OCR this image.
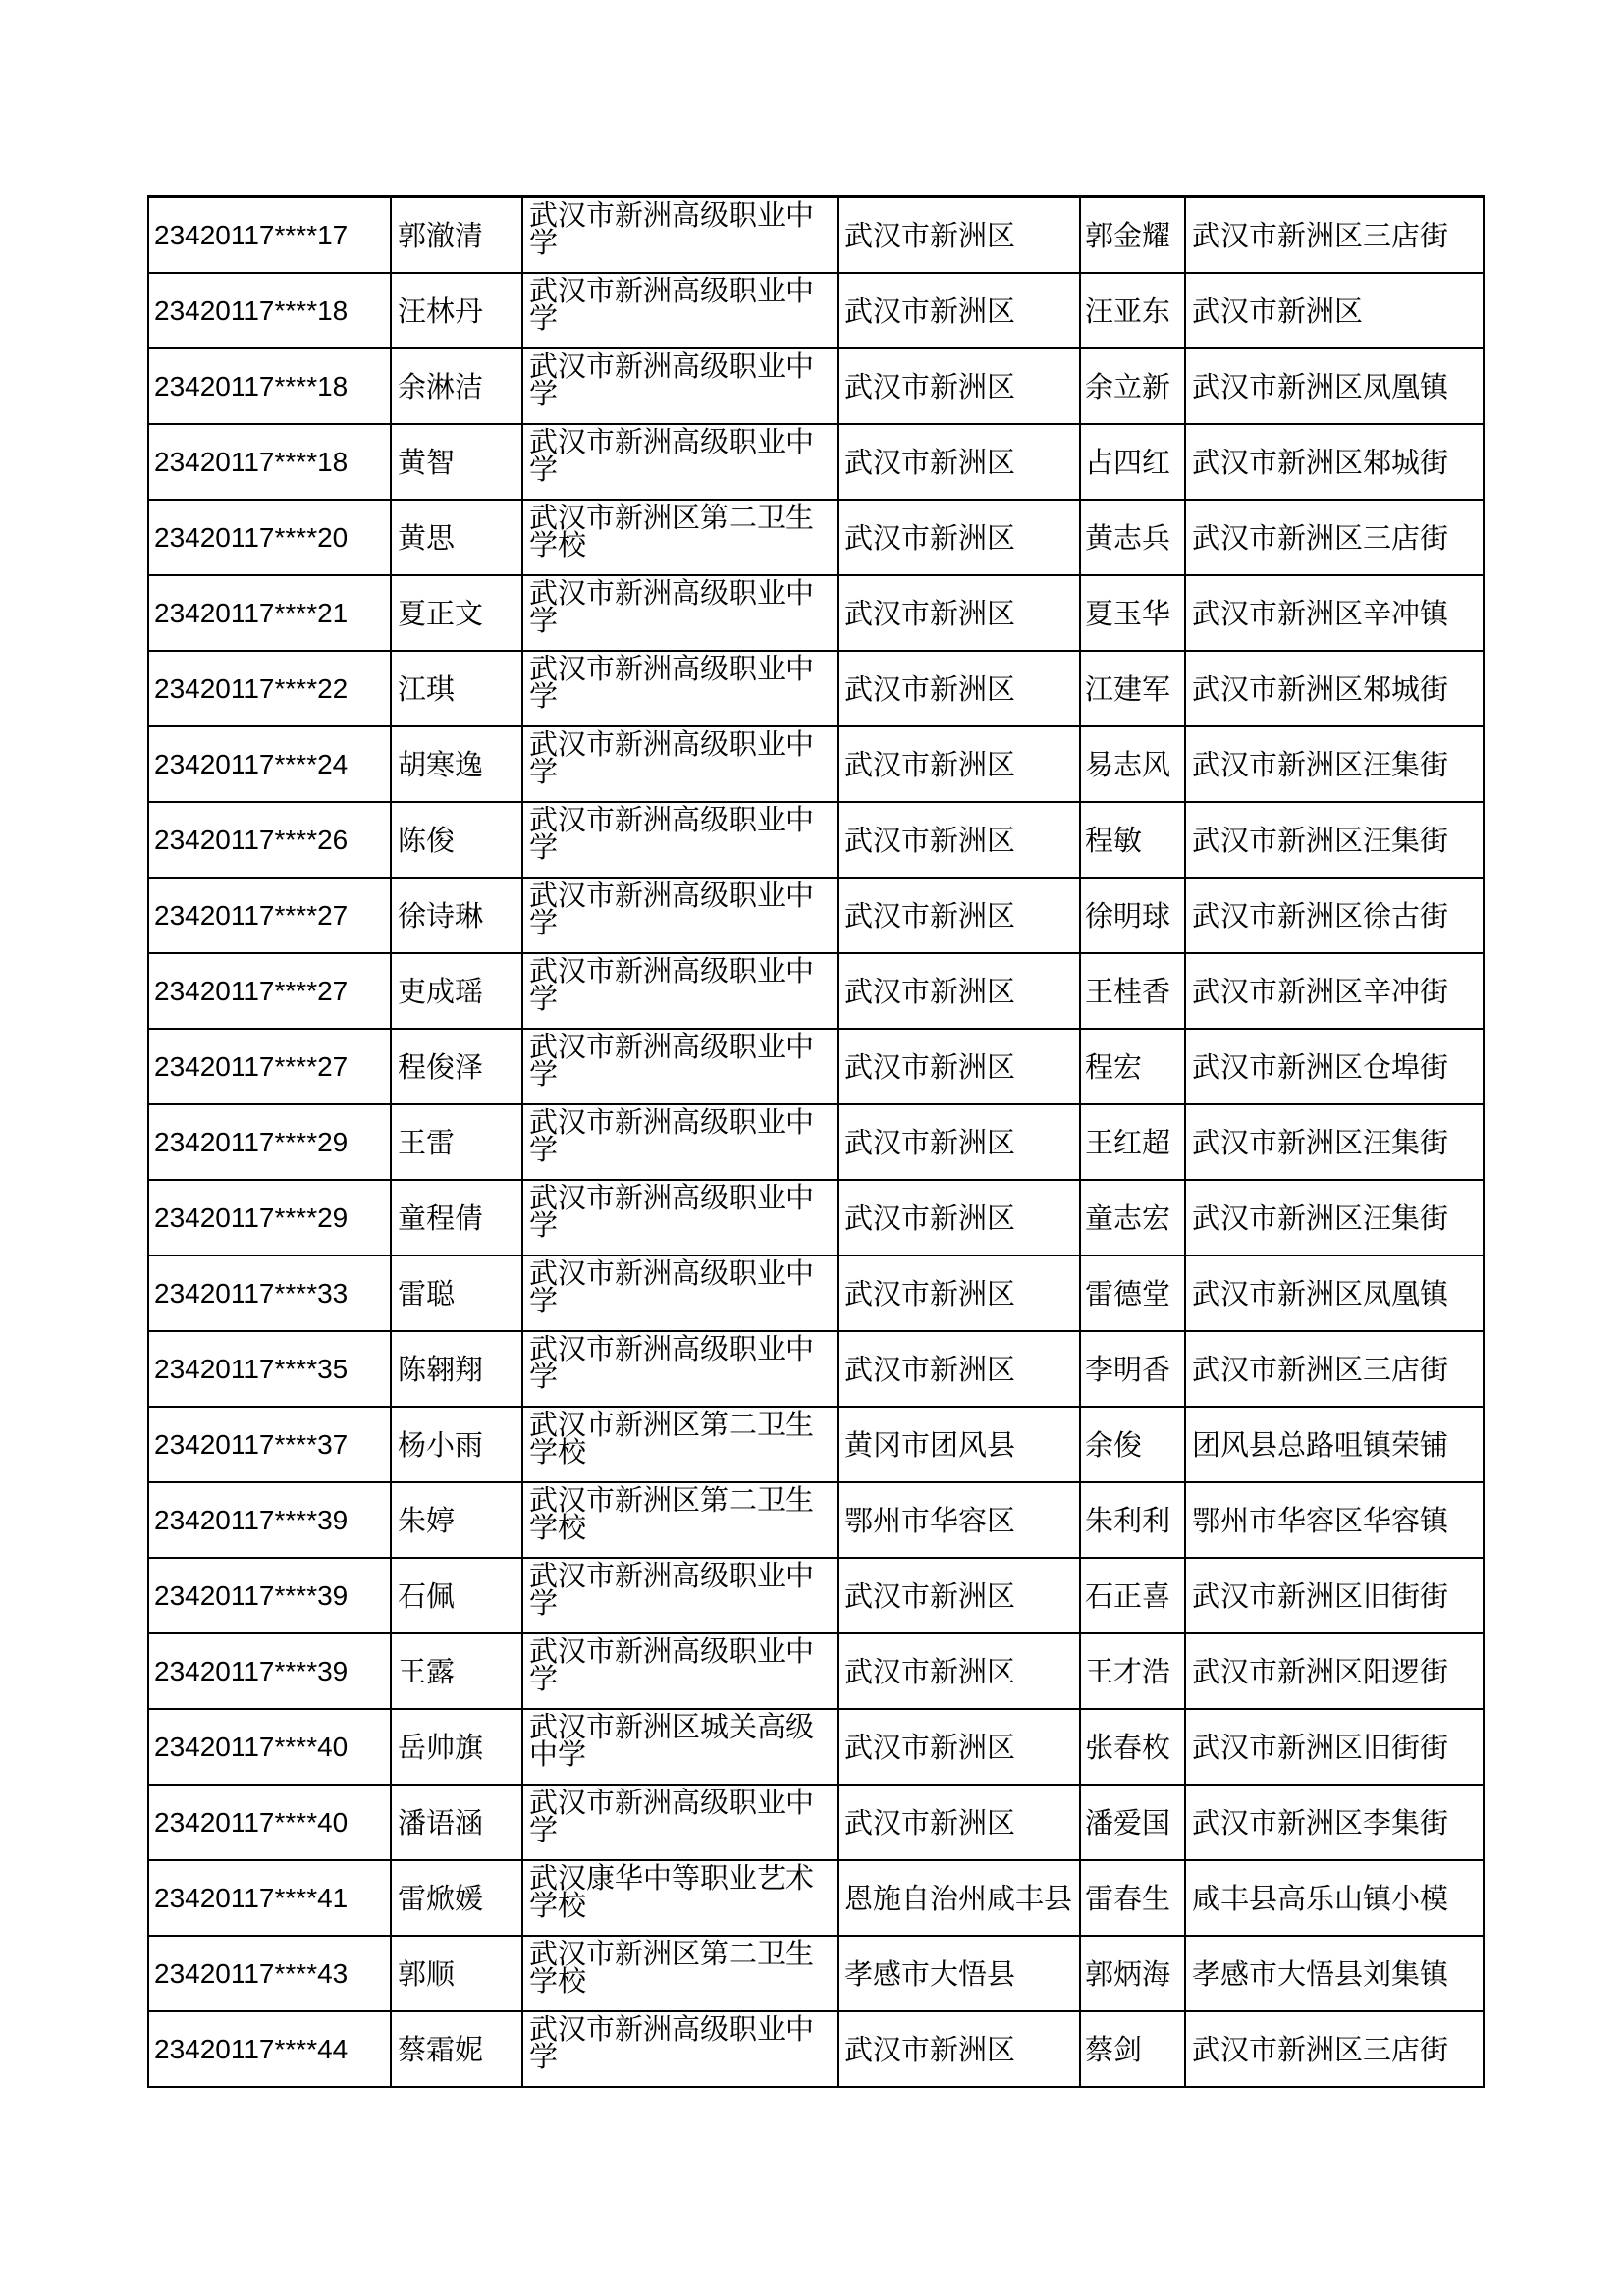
23420117****17	郭澈清	武汉市新洲高级职业中学	武汉市新洲区	郭金耀	武汉市新洲区三店街
23420117****18	汪林丹	武汉市新洲高级职业中学	武汉市新洲区	汪亚东	武汉市新洲区
23420117****18	余淋洁	武汉市新洲高级职业中学	武汉市新洲区	余立新	武汉市新洲区凤凰镇
23420117****18	黄智	武汉市新洲高级职业中学	武汉市新洲区	占四红	武汉市新洲区邾城街
23420117****20	黄思	武汉市新洲区第二卫生学校	武汉市新洲区	黄志兵	武汉市新洲区三店街
23420117****21	夏正文	武汉市新洲高级职业中学	武汉市新洲区	夏玉华	武汉市新洲区辛冲镇
23420117****22	江琪	武汉市新洲高级职业中学	武汉市新洲区	江建军	武汉市新洲区邾城街
23420117****24	胡寒逸	武汉市新洲高级职业中学	武汉市新洲区	易志风	武汉市新洲区汪集街
23420117****26	陈俊	武汉市新洲高级职业中学	武汉市新洲区	程敏	武汉市新洲区汪集街
23420117****27	徐诗琳	武汉市新洲高级职业中学	武汉市新洲区	徐明球	武汉市新洲区徐古街
23420117****27	吏成瑶	武汉市新洲高级职业中学	武汉市新洲区	王桂香	武汉市新洲区辛冲街
23420117****27	程俊泽	武汉市新洲高级职业中学	武汉市新洲区	程宏	武汉市新洲区仓埠街
23420117****29	王雷	武汉市新洲高级职业中学	武汉市新洲区	王红超	武汉市新洲区汪集街
23420117****29	童程倩	武汉市新洲高级职业中学	武汉市新洲区	童志宏	武汉市新洲区汪集街
23420117****33	雷聪	武汉市新洲高级职业中学	武汉市新洲区	雷德堂	武汉市新洲区凤凰镇
23420117****35	陈翱翔	武汉市新洲高级职业中学	武汉市新洲区	李明香	武汉市新洲区三店街
23420117****37	杨小雨	武汉市新洲区第二卫生学校	黄冈市团风县	余俊	团风县总路咀镇荣铺
23420117****39	朱婷	武汉市新洲区第二卫生学校	鄂州市华容区	朱利利	鄂州市华容区华容镇
23420117****39	石佩	武汉市新洲高级职业中学	武汉市新洲区	石正喜	武汉市新洲区旧街街
23420117****39	王露	武汉市新洲高级职业中学	武汉市新洲区	王才浩	武汉市新洲区阳逻街
23420117****40	岳帅旗	武汉市新洲区城关高级中学	武汉市新洲区	张春枚	武汉市新洲区旧街街
23420117****40	潘语涵	武汉市新洲高级职业中学	武汉市新洲区	潘爱国	武汉市新洲区李集街
23420117****41	雷焮媛	武汉康华中等职业艺术学校	恩施自治州咸丰县	雷春生	咸丰县高乐山镇小模
23420117****43	郭顺	武汉市新洲区第二卫生学校	孝感市大悟县	郭炳海	孝感市大悟县刘集镇
23420117****44	蔡霜妮	武汉市新洲高级职业中学	武汉市新洲区	蔡剑	武汉市新洲区三店街
